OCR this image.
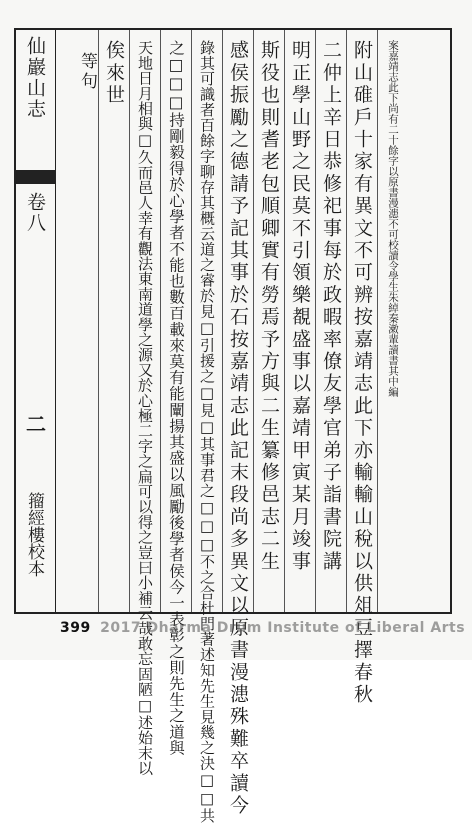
案嘉靖志此下尚有二十餘字以原書漫漶不可校讀令學生朱綽秦潄輩讀書其中編
附山碓戶十家有異文不可辨按嘉靖志此下亦輸輸山稅以供俎豆擇春秋
二仲上辛日恭修祀事每於政暇率僚友學官弟子詣書院講
明正學山野之民莫不引領樂覩盛事以嘉靖甲寅某月竣事
斯役也則耆老包順卿實有勞焉予方與二生纂修邑志二生
感侯振勵之德請予記其事於石按嘉靖志此記末段尚多異文以原書漫漶殊難卒讀今
錄其可識者百餘字聊存其概云道之睿於見□引援之□見□其事君之□□□不之合杜門著述知先生見幾之決□□共
之□□□持剛毅得於心學者不能也數百載來莫有能闡揚其盛以風勵後學者侯今一表彰之則先生之道與
天地日月相與□久而邑人幸有觀法東南道學之源又於心極二字之扁可以得之豈曰小補云哉敢忘固陋□述始末以
俟來世
等句
仙巖山志
卷八
二
籀經樓校本
399 2017 Dharma Drum Institute of Liberal Arts
